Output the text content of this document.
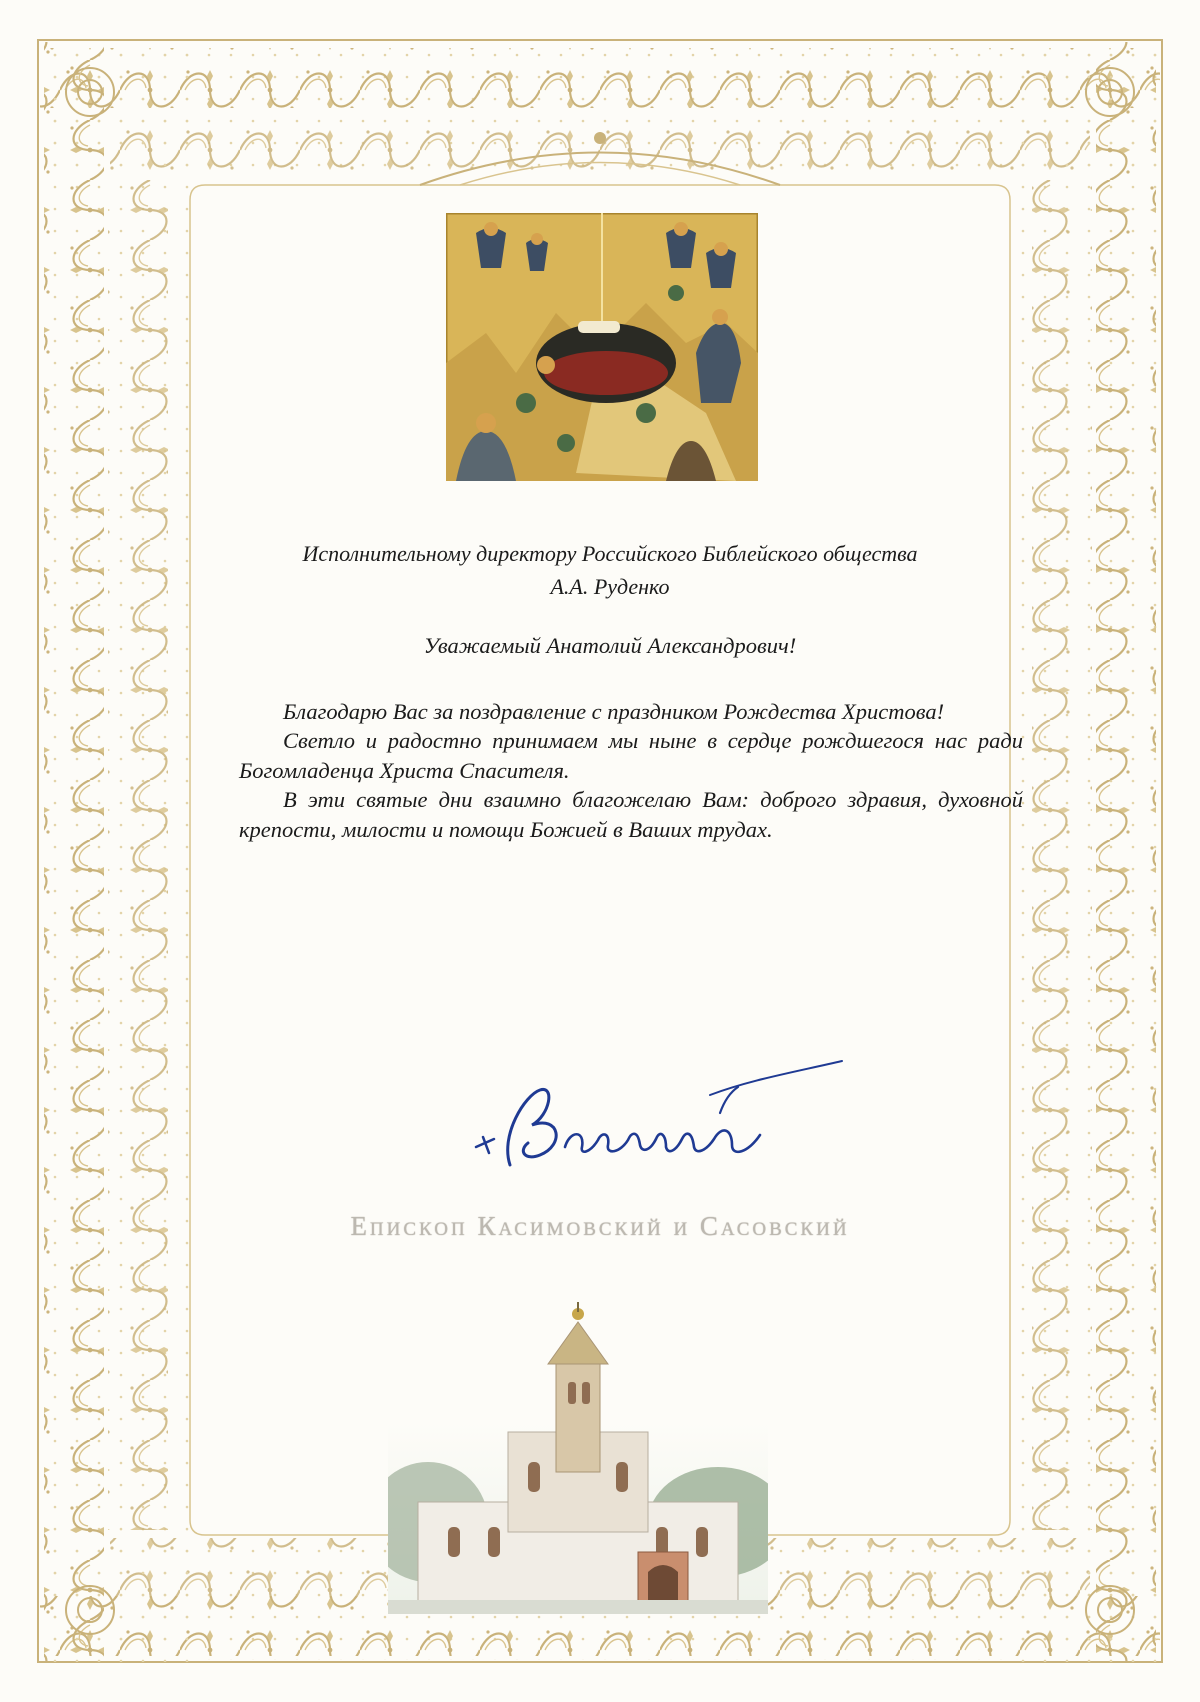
Исполнительному директору Российского Библейского общества
А.А. Руденко
Уважаемый Анатолий Александрович!

Благодарю Вас за поздравление с праздником Рождества Христова!

Светло и радостно принимаем мы ныне в сердце рождшегося нас ради Богомладенца Христа Спасителя.

В эти святые дни взаимно благожелаю Вам: доброго здравия, духовной крепости, милости и помощи Божией в Ваших трудах.

Епископ Касимовский и Сасовский
